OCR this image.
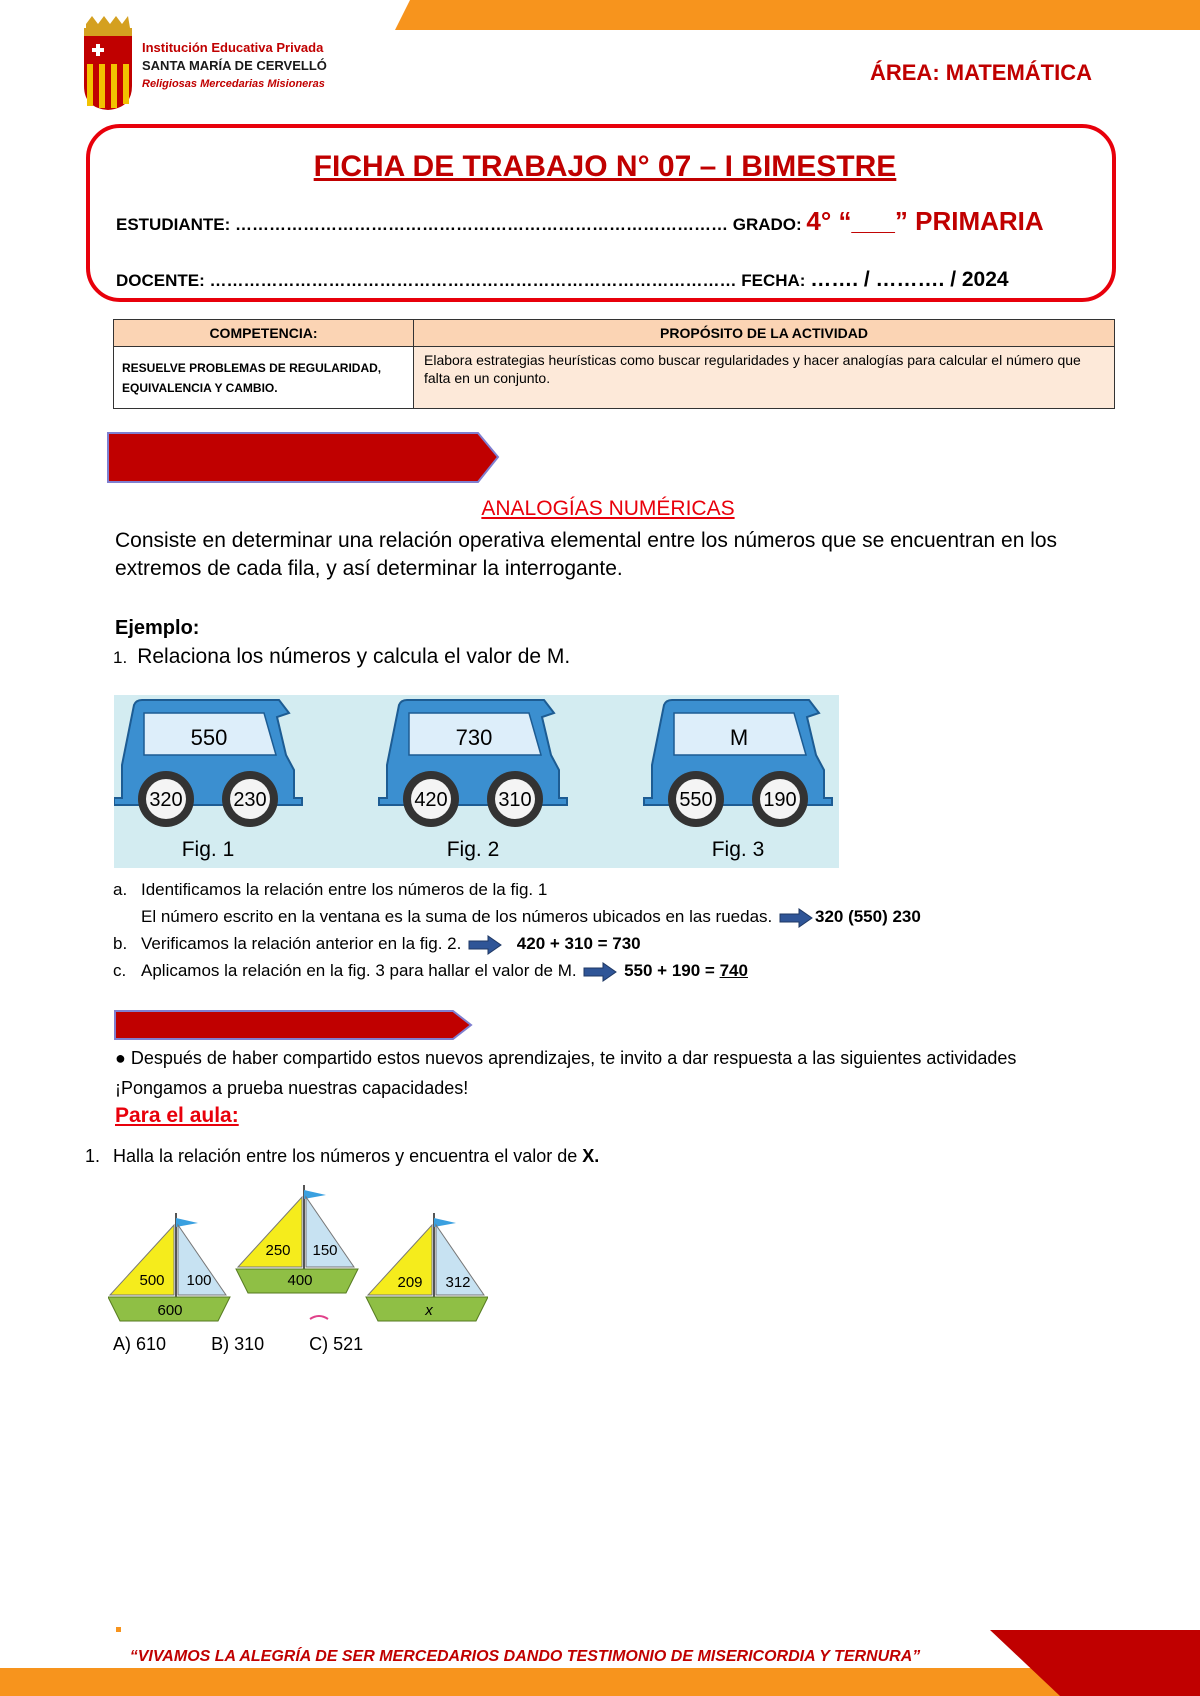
Institución Educativa Privada
SANTA MARÍA DE CERVELLÓ
Religiosas Mercedarias Misioneras	ÁREA: MATEMÁTICA
FICHA DE TRABAJO N° 07 – I BIMESTRE
ESTUDIANTE: …………………………………………………………………………… GRADO: 4° “___” PRIMARIA
DOCENTE: ………………………………………………………………………………… FECHA: ……. / ………. / 2024
COMPETENCIA:	PROPÓSITO DE LA ACTIVIDAD
RESUELVE PROBLEMAS DE REGULARIDAD, EQUIVALENCIA Y CAMBIO.	Elabora estrategias heurísticas como buscar regularidades y hacer analogías para calcular el número que falta en un conjunto.
CONSTRUYE TUS APRENDIZAJES
ANALOGÍAS NUMÉRICAS
Consiste en determinar una relación operativa elemental entre los números que se encuentran en los extremos de cada fila, y así determinar la interrogante.
Ejemplo:
1. Relaciona los números y calcula el valor de M.
550
320	230
Fig. 1
730
420	310
Fig. 2
M
550	190
Fig. 3
a. Identificamos la relación entre los números de la fig. 1
El número escrito en la ventana es la suma de los números ubicados en las ruedas.	320 (550) 230
b. Verificamos la relación anterior en la fig. 2.	420 + 310 = 730
c. Aplicamos la relación en la fig. 3 para hallar el valor de M.	550 + 190 = 740
ACTIVIDADES RETADORAS
● Después de haber compartido estos nuevos aprendizajes, te invito a dar respuesta a las siguientes actividades ¡Pongamos a prueba nuestras capacidades!
Para el aula:
1. Halla la relación entre los números y encuentra el valor de X.
500 100
600
250 150
400	209 312
x
A) 610	B) 310	C) 521
“VIVAMOS LA ALEGRÍA DE SER MERCEDARIOS DANDO TESTIMONIO DE MISERICORDIA Y TERNURA”	1
